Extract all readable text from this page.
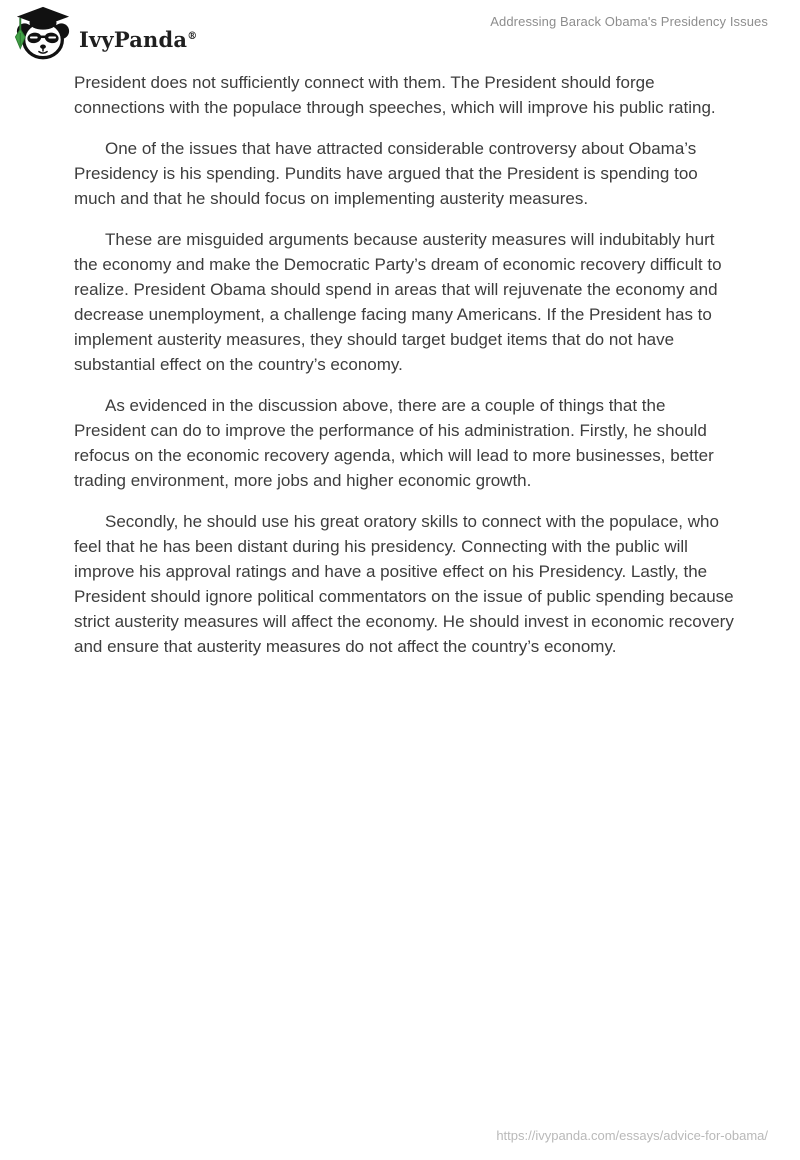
IvyPanda®
Addressing Barack Obama's Presidency Issues

President does not sufficiently connect with them. The President should forge connections with the populace through speeches, which will improve his public rating.

One of the issues that have attracted considerable controversy about Obama’s Presidency is his spending. Pundits have argued that the President is spending too much and that he should focus on implementing austerity measures.

These are misguided arguments because austerity measures will indubitably hurt the economy and make the Democratic Party’s dream of economic recovery difficult to realize. President Obama should spend in areas that will rejuvenate the economy and decrease unemployment, a challenge facing many Americans. If the President has to implement austerity measures, they should target budget items that do not have substantial effect on the country’s economy.

As evidenced in the discussion above, there are a couple of things that the President can do to improve the performance of his administration. Firstly, he should refocus on the economic recovery agenda, which will lead to more businesses, better trading environment, more jobs and higher economic growth.

Secondly, he should use his great oratory skills to connect with the populace, who feel that he has been distant during his presidency. Connecting with the public will improve his approval ratings and have a positive effect on his Presidency. Lastly, the President should ignore political commentators on the issue of public spending because strict austerity measures will affect the economy. He should invest in economic recovery and ensure that austerity measures do not affect the country’s economy.

https://ivypanda.com/essays/advice-for-obama/
